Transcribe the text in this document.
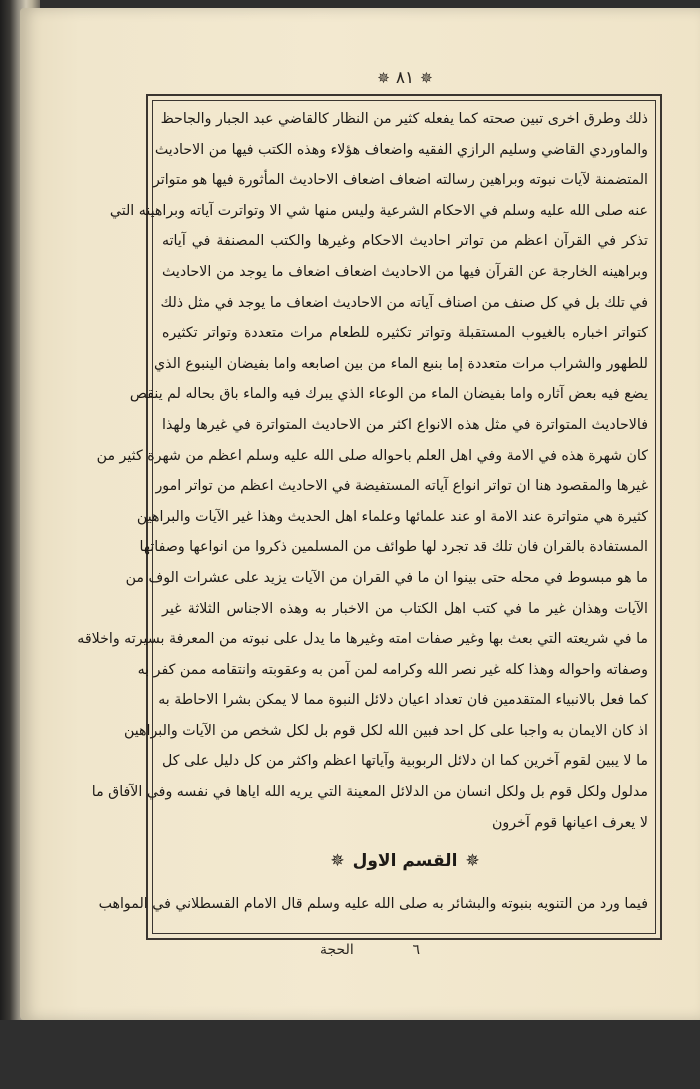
✵ ٨١ ✵
ذلك وطرق اخرى تبين صحته كما يفعله كثير من النظار كالقاضي عبد الجبار والجاحظ
والماوردي القاضي وسليم الرازي الفقيه واضعاف هؤلاء وهذه الكتب فيها من الاحاديث
المتضمنة لآيات نبوته وبراهين رسالته اضعاف اضعاف الاحاديث المأثورة فيها هو متواتر
عنه صلى الله عليه وسلم في الاحكام الشرعية وليس منها شي الا وتواترت آياته وبراهينه التي
تذكر في القرآن اعظم من تواتر احاديث الاحكام وغيرها والكتب المصنفة في آياته
وبراهينه الخارجة عن القرآن فيها من الاحاديث اضعاف اضعاف ما يوجد من الاحاديث
في تلك بل في كل صنف من اصناف آياته من الاحاديث اضعاف ما يوجد في مثل ذلك
كتواتر اخباره بالغيوب المستقبلة وتواتر تكثيره للطعام مرات متعددة وتواتر تكثيره
للطهور والشراب مرات متعددة إما بنبع الماء من بين اصابعه واما بفيضان الينبوع الذي
يضع فيه بعض آثاره واما بفيضان الماء من الوعاء الذي يبرك فيه والماء باق بحاله لم ينقص
فالاحاديث المتواترة في مثل هذه الانواع اكثر من الاحاديث المتواترة في غيرها ولهذا
كان شهرة هذه في الامة وفي اهل العلم باحواله صلى الله عليه وسلم اعظم من شهرة كثير من
غيرها والمقصود هنا ان تواتر انواع آياته المستفيضة في الاحاديث اعظم من تواتر امور
كثيرة هي متواترة عند الامة او عند علمائها وعلماء اهل الحديث وهذا غير الآيات والبراهين
المستفادة بالقران فان تلك قد تجرد لها طوائف من المسلمين ذكروا من انواعها وصفاتها
ما هو مبسوط في محله حتى بينوا ان ما في القران من الآيات يزيد على عشرات الوف من
الآيات وهذان غير ما في كتب اهل الكتاب من الاخبار به وهذه الاجناس الثلاثة غير
ما في شريعته التي بعث بها وغير صفات امته وغيرها ما يدل على نبوته من المعرفة بسيرته واخلاقه
وصفاته واحواله وهذا كله غير نصر الله وكرامه لمن آمن به وعقوبته وانتقامه ممن كفر به
كما فعل بالانبياء المتقدمين فان تعداد اعيان دلائل النبوة مما لا يمكن بشرا الاحاطة به
اذ كان الايمان به واجبا على كل احد فبين الله لكل قوم بل لكل شخص من الآيات والبراهين
ما لا يبين لقوم آخرين كما ان دلائل الربوبية وآياتها اعظم واكثر من كل دليل على كل
مدلول ولكل قوم بل ولكل انسان من الدلائل المعينة التي يريه الله اياها في نفسه وفي الآفاق ما
لا يعرف اعيانها قوم آخرون
✵
القسم الاول
✵
فيما ورد من التنويه بنبوته والبشائر به صلى الله عليه وسلم قال الامام القسطلاني في المواهب
٦
الحجة
